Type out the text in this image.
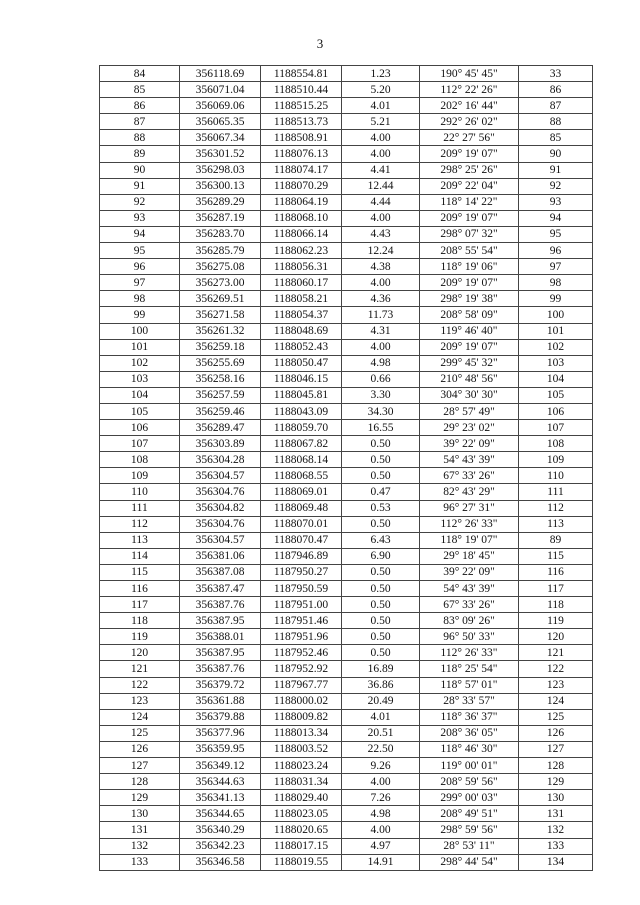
3
84	356118.69	1188554.81	1.23	190° 45' 45"	33
85	356071.04	1188510.44	5.20	112° 22' 26"	86
86	356069.06	1188515.25	4.01	202° 16' 44"	87
87	356065.35	1188513.73	5.21	292° 26' 02"	88
88	356067.34	1188508.91	4.00	22° 27' 56"	85
89	356301.52	1188076.13	4.00	209° 19' 07"	90
90	356298.03	1188074.17	4.41	298° 25' 26"	91
91	356300.13	1188070.29	12.44	209° 22' 04"	92
92	356289.29	1188064.19	4.44	118° 14' 22"	93
93	356287.19	1188068.10	4.00	209° 19' 07"	94
94	356283.70	1188066.14	4.43	298° 07' 32"	95
95	356285.79	1188062.23	12.24	208° 55' 54"	96
96	356275.08	1188056.31	4.38	118° 19' 06"	97
97	356273.00	1188060.17	4.00	209° 19' 07"	98
98	356269.51	1188058.21	4.36	298° 19' 38"	99
99	356271.58	1188054.37	11.73	208° 58' 09"	100
100	356261.32	1188048.69	4.31	119° 46' 40"	101
101	356259.18	1188052.43	4.00	209° 19' 07"	102
102	356255.69	1188050.47	4.98	299° 45' 32"	103
103	356258.16	1188046.15	0.66	210° 48' 56"	104
104	356257.59	1188045.81	3.30	304° 30' 30"	105
105	356259.46	1188043.09	34.30	28° 57' 49"	106
106	356289.47	1188059.70	16.55	29° 23' 02"	107
107	356303.89	1188067.82	0.50	39° 22' 09"	108
108	356304.28	1188068.14	0.50	54° 43' 39"	109
109	356304.57	1188068.55	0.50	67° 33' 26"	110
110	356304.76	1188069.01	0.47	82° 43' 29"	111
111	356304.82	1188069.48	0.53	96° 27' 31"	112
112	356304.76	1188070.01	0.50	112° 26' 33"	113
113	356304.57	1188070.47	6.43	118° 19' 07"	89
114	356381.06	1187946.89	6.90	29° 18' 45"	115
115	356387.08	1187950.27	0.50	39° 22' 09"	116
116	356387.47	1187950.59	0.50	54° 43' 39"	117
117	356387.76	1187951.00	0.50	67° 33' 26"	118
118	356387.95	1187951.46	0.50	83° 09' 26"	119
119	356388.01	1187951.96	0.50	96° 50' 33"	120
120	356387.95	1187952.46	0.50	112° 26' 33"	121
121	356387.76	1187952.92	16.89	118° 25' 54"	122
122	356379.72	1187967.77	36.86	118° 57' 01"	123
123	356361.88	1188000.02	20.49	28° 33' 57"	124
124	356379.88	1188009.82	4.01	118° 36' 37"	125
125	356377.96	1188013.34	20.51	208° 36' 05"	126
126	356359.95	1188003.52	22.50	118° 46' 30"	127
127	356349.12	1188023.24	9.26	119° 00' 01"	128
128	356344.63	1188031.34	4.00	208° 59' 56"	129
129	356341.13	1188029.40	7.26	299° 00' 03"	130
130	356344.65	1188023.05	4.98	208° 49' 51"	131
131	356340.29	1188020.65	4.00	298° 59' 56"	132
132	356342.23	1188017.15	4.97	28° 53' 11"	133
133	356346.58	1188019.55	14.91	298° 44' 54"	134
